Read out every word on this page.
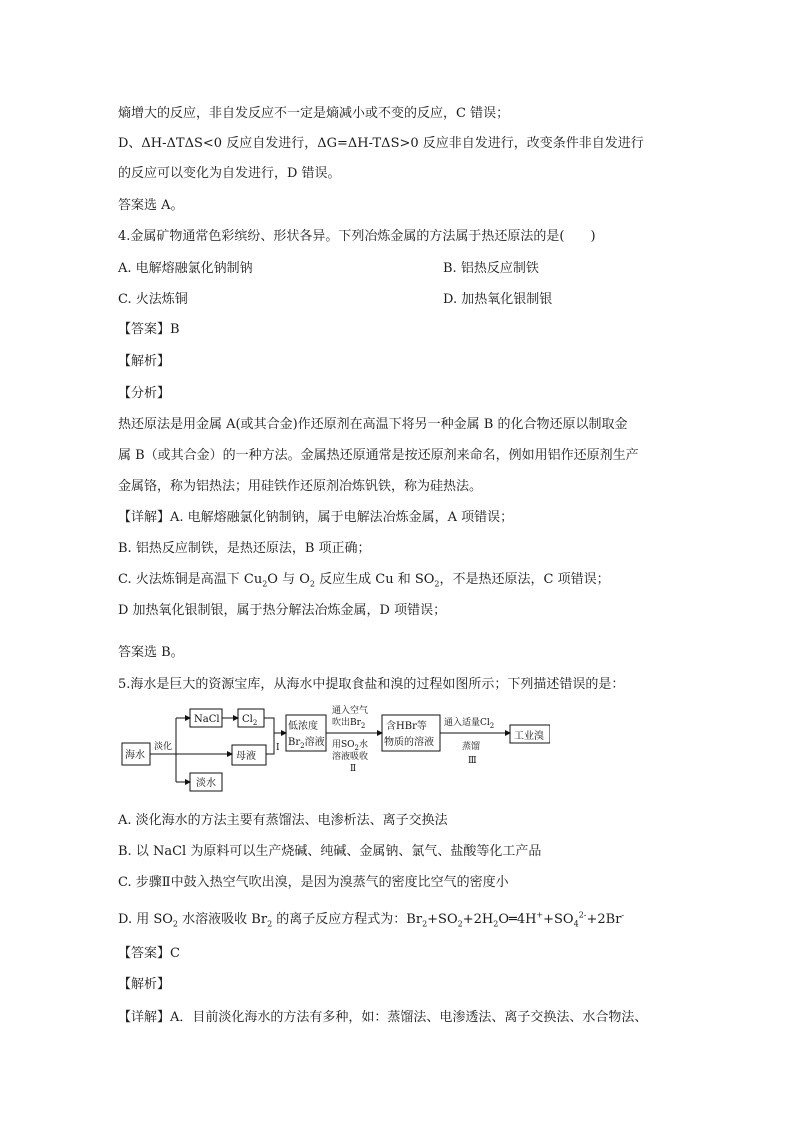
熵增大的反应，非自发反应不一定是熵减小或不变的反应，C 错误；
D、ΔH-ΔTΔS<0 反应自发进行，ΔG=ΔH-TΔS>0 反应非自发进行，改变条件非自发进行
的反应可以变化为自发进行，D 错误。
答案选 A。
4.金属矿物通常色彩缤纷、形状各异。下列冶炼金属的方法属于热还原法的是(　　)
A. 电解熔融氯化钠制钠	B. 铝热反应制铁
C. 火法炼铜	D. 加热氧化银制银
【答案】B
【解析】
【分析】
热还原法是用金属 A(或其合金)作还原剂在高温下将另一种金属 B 的化合物还原以制取金
属 B（或其合金）的一种方法。金属热还原通常是按还原剂来命名，例如用铝作还原剂生产
金属铬，称为铝热法；用硅铁作还原剂冶炼钒铁，称为硅热法。
【详解】A. 电解熔融氯化钠制钠，属于电解法冶炼金属，A 项错误；
B. 铝热反应制铁，是热还原法，B 项正确；
C. 火法炼铜是高温下 $Cu_2O$ 与 $O_2$ 反应生成 Cu 和 $SO_2$，不是热还原法，C 项错误；
D 加热氧化银制银，属于热分解法冶炼金属，D 项错误；
答案选 B。
5.海水是巨大的资源宝库，从海水中提取食盐和溴的过程如图所示；下列描述错误的是：
海水
淡化
NaCl $Cl_2$
母液
淡水
Ⅰ
低浓度
$Br_2$溶液
通入空气
吹出$Br_2$
用$SO_2$水
溶液吸收
Ⅱ
含HBr等
物质的溶液
通入适量$Cl_2$
蒸馏
Ⅲ
工业溴
A. 淡化海水的方法主要有蒸馏法、电渗析法、离子交换法
B. 以 NaCl 为原料可以生产烧碱、纯碱、金属钠、氯气、盐酸等化工产品
C. 步骤Ⅱ中鼓入热空气吹出溴，是因为溴蒸气的密度比空气的密度小
D. 用 $SO_2$ 水溶液吸收 $Br_2$ 的离子反应方程式为：$Br_2+SO_2+2H_2O═4H^++SO_4^{2-}+2Br^-$
【答案】C
【解析】
【详解】A．目前淡化海水的方法有多种，如：蒸馏法、电渗透法、离子交换法、水合物法、
